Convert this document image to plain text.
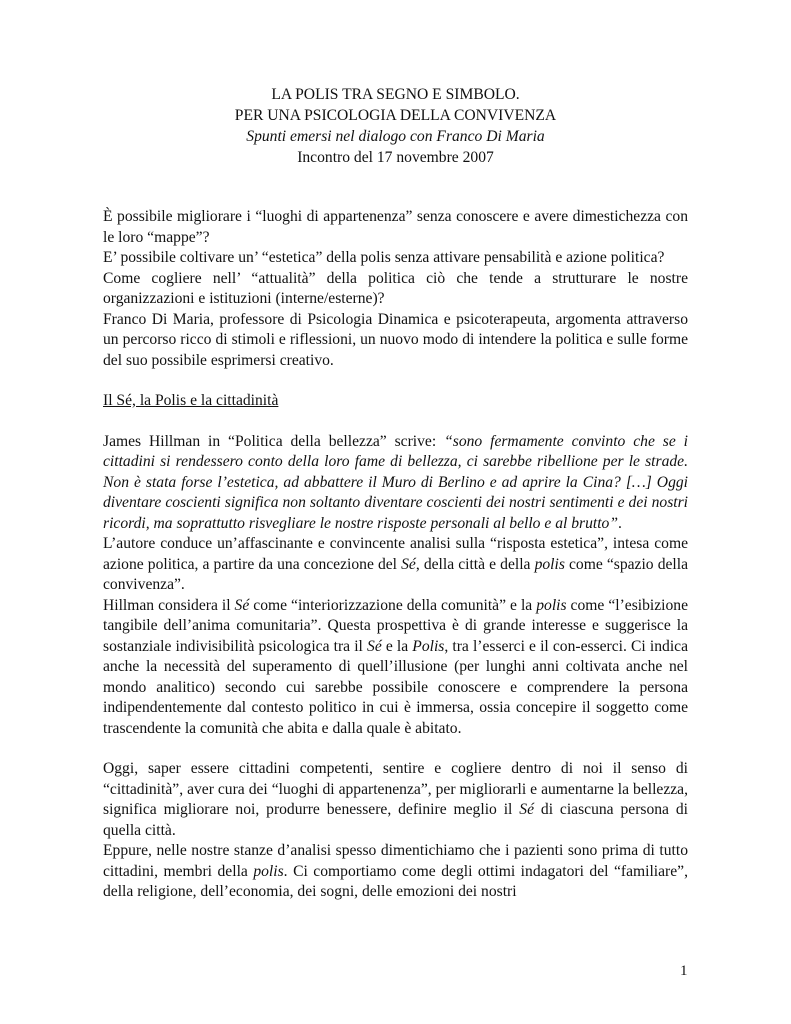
LA POLIS TRA SEGNO E SIMBOLO.
PER UNA PSICOLOGIA DELLA CONVIVENZA
Spunti emersi nel dialogo con Franco Di Maria
Incontro del 17 novembre 2007

È possibile migliorare i “luoghi di appartenenza” senza conoscere e avere dimestichezza con le loro “mappe”?

E’ possibile coltivare un’ “estetica” della polis senza attivare pensabilità e azione politica?

Come cogliere nell’ “attualità” della politica ciò che tende a strutturare le nostre organizzazioni e istituzioni (interne/esterne)?

Franco Di Maria, professore di Psicologia Dinamica e psicoterapeuta, argomenta attraverso un percorso ricco di stimoli e riflessioni, un nuovo modo di intendere la politica e sulle forme del suo possibile esprimersi creativo.

Il Sé, la Polis e la cittadinità

James Hillman in “Politica della bellezza” scrive: “sono fermamente convinto che se i cittadini si rendessero conto della loro fame di bellezza, ci sarebbe ribellione per le strade. Non è stata forse l’estetica, ad abbattere il Muro di Berlino e ad aprire la Cina? […] Oggi diventare coscienti significa non soltanto diventare coscienti dei nostri sentimenti e dei nostri ricordi, ma soprattutto risvegliare le nostre risposte personali al bello e al brutto”.

L’autore conduce un’affascinante e convincente analisi sulla “risposta estetica”, intesa come azione politica, a partire da una concezione del Sé, della città e della polis come “spazio della convivenza”.

Hillman considera il Sé come “interiorizzazione della comunità” e la polis come “l’esibizione tangibile dell’anima comunitaria”. Questa prospettiva è di grande interesse e suggerisce la sostanziale indivisibilità psicologica tra il Sé e la Polis, tra l’esserci e il con-esserci. Ci indica anche la necessità del superamento di quell’illusione (per lunghi anni coltivata anche nel mondo analitico) secondo cui sarebbe possibile conoscere e comprendere la persona indipendentemente dal contesto politico in cui è immersa, ossia concepire il soggetto come trascendente la comunità che abita e dalla quale è abitato.

Oggi, saper essere cittadini competenti, sentire e cogliere dentro di noi il senso di “cittadinità”, aver cura dei “luoghi di appartenenza”, per migliorarli e aumentarne la bellezza, significa migliorare noi, produrre benessere, definire meglio il Sé di ciascuna persona di quella città.

Eppure, nelle nostre stanze d’analisi spesso dimentichiamo che i pazienti sono prima di tutto cittadini, membri della polis. Ci comportiamo come degli ottimi indagatori del “familiare”, della religione, dell’economia, dei sogni, delle emozioni dei nostri

1
